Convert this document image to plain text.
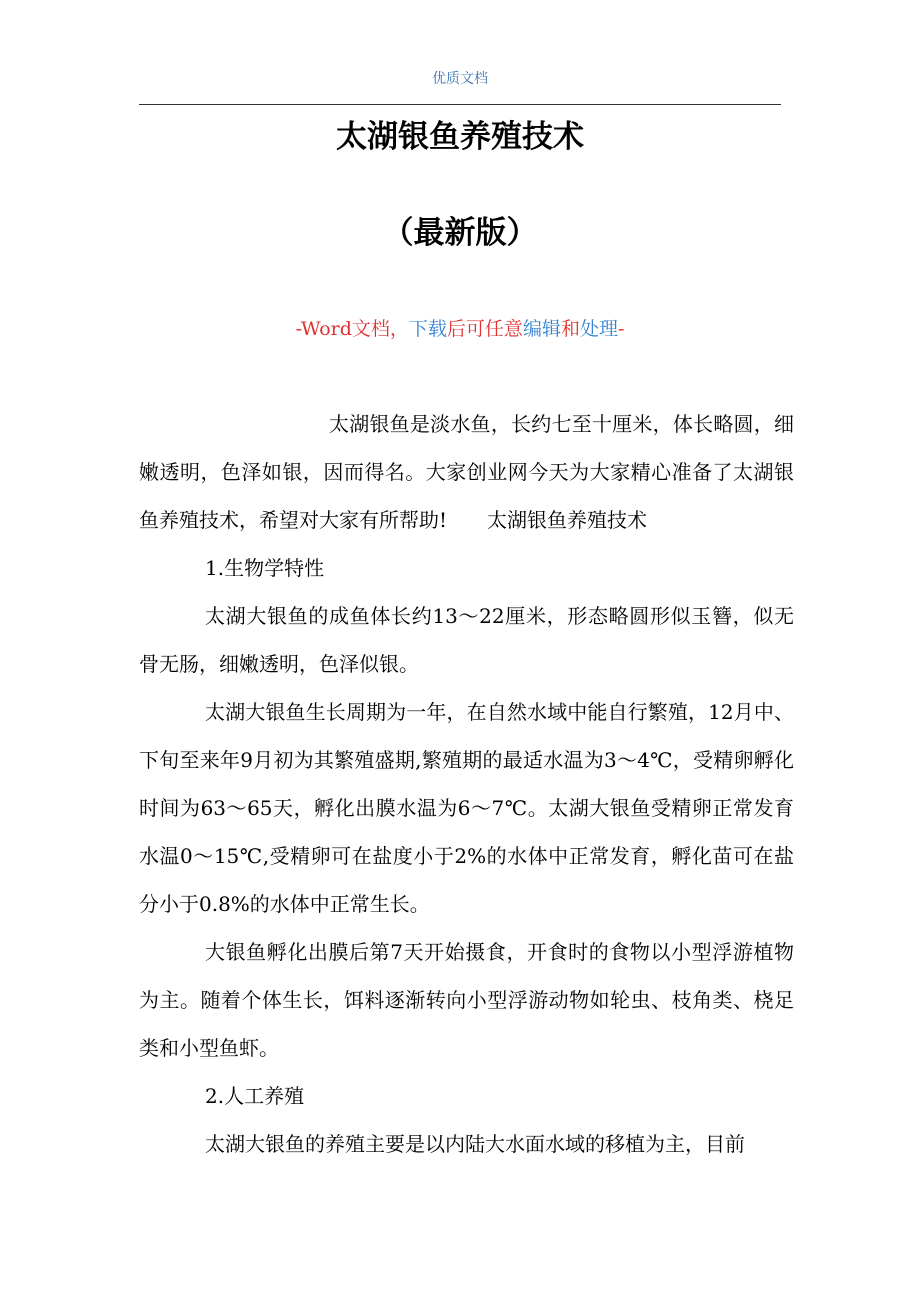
优质文档
太湖银鱼养殖技术
（最新版）
-Word文档，下载后可任意编辑和处理-

太湖银鱼是淡水鱼，长约七至十厘米，体长略圆，细嫩透明，色泽如银，因而得名。大家创业网今天为大家精心准备了太湖银鱼养殖技术，希望对大家有所帮助! 太湖银鱼养殖技术

1.生物学特性

太湖大银鱼的成鱼体长约13～22厘米，形态略圆形似玉簪，似无骨无肠，细嫩透明，色泽似银。

太湖大银鱼生长周期为一年，在自然水域中能自行繁殖，12月中、下旬至来年9月初为其繁殖盛期,繁殖期的最适水温为3～4℃，受精卵孵化时间为63～65天，孵化出膜水温为6～7℃。太湖大银鱼受精卵正常发育水温0～15℃,受精卵可在盐度小于2%的水体中正常发育，孵化苗可在盐分小于0.8%的水体中正常生长。

大银鱼孵化出膜后第7天开始摄食，开食时的食物以小型浮游植物为主。随着个体生长，饵料逐渐转向小型浮游动物如轮虫、枝角类、桡足类和小型鱼虾。

2.人工养殖

太湖大银鱼的养殖主要是以内陆大水面水域的移植为主，目前
